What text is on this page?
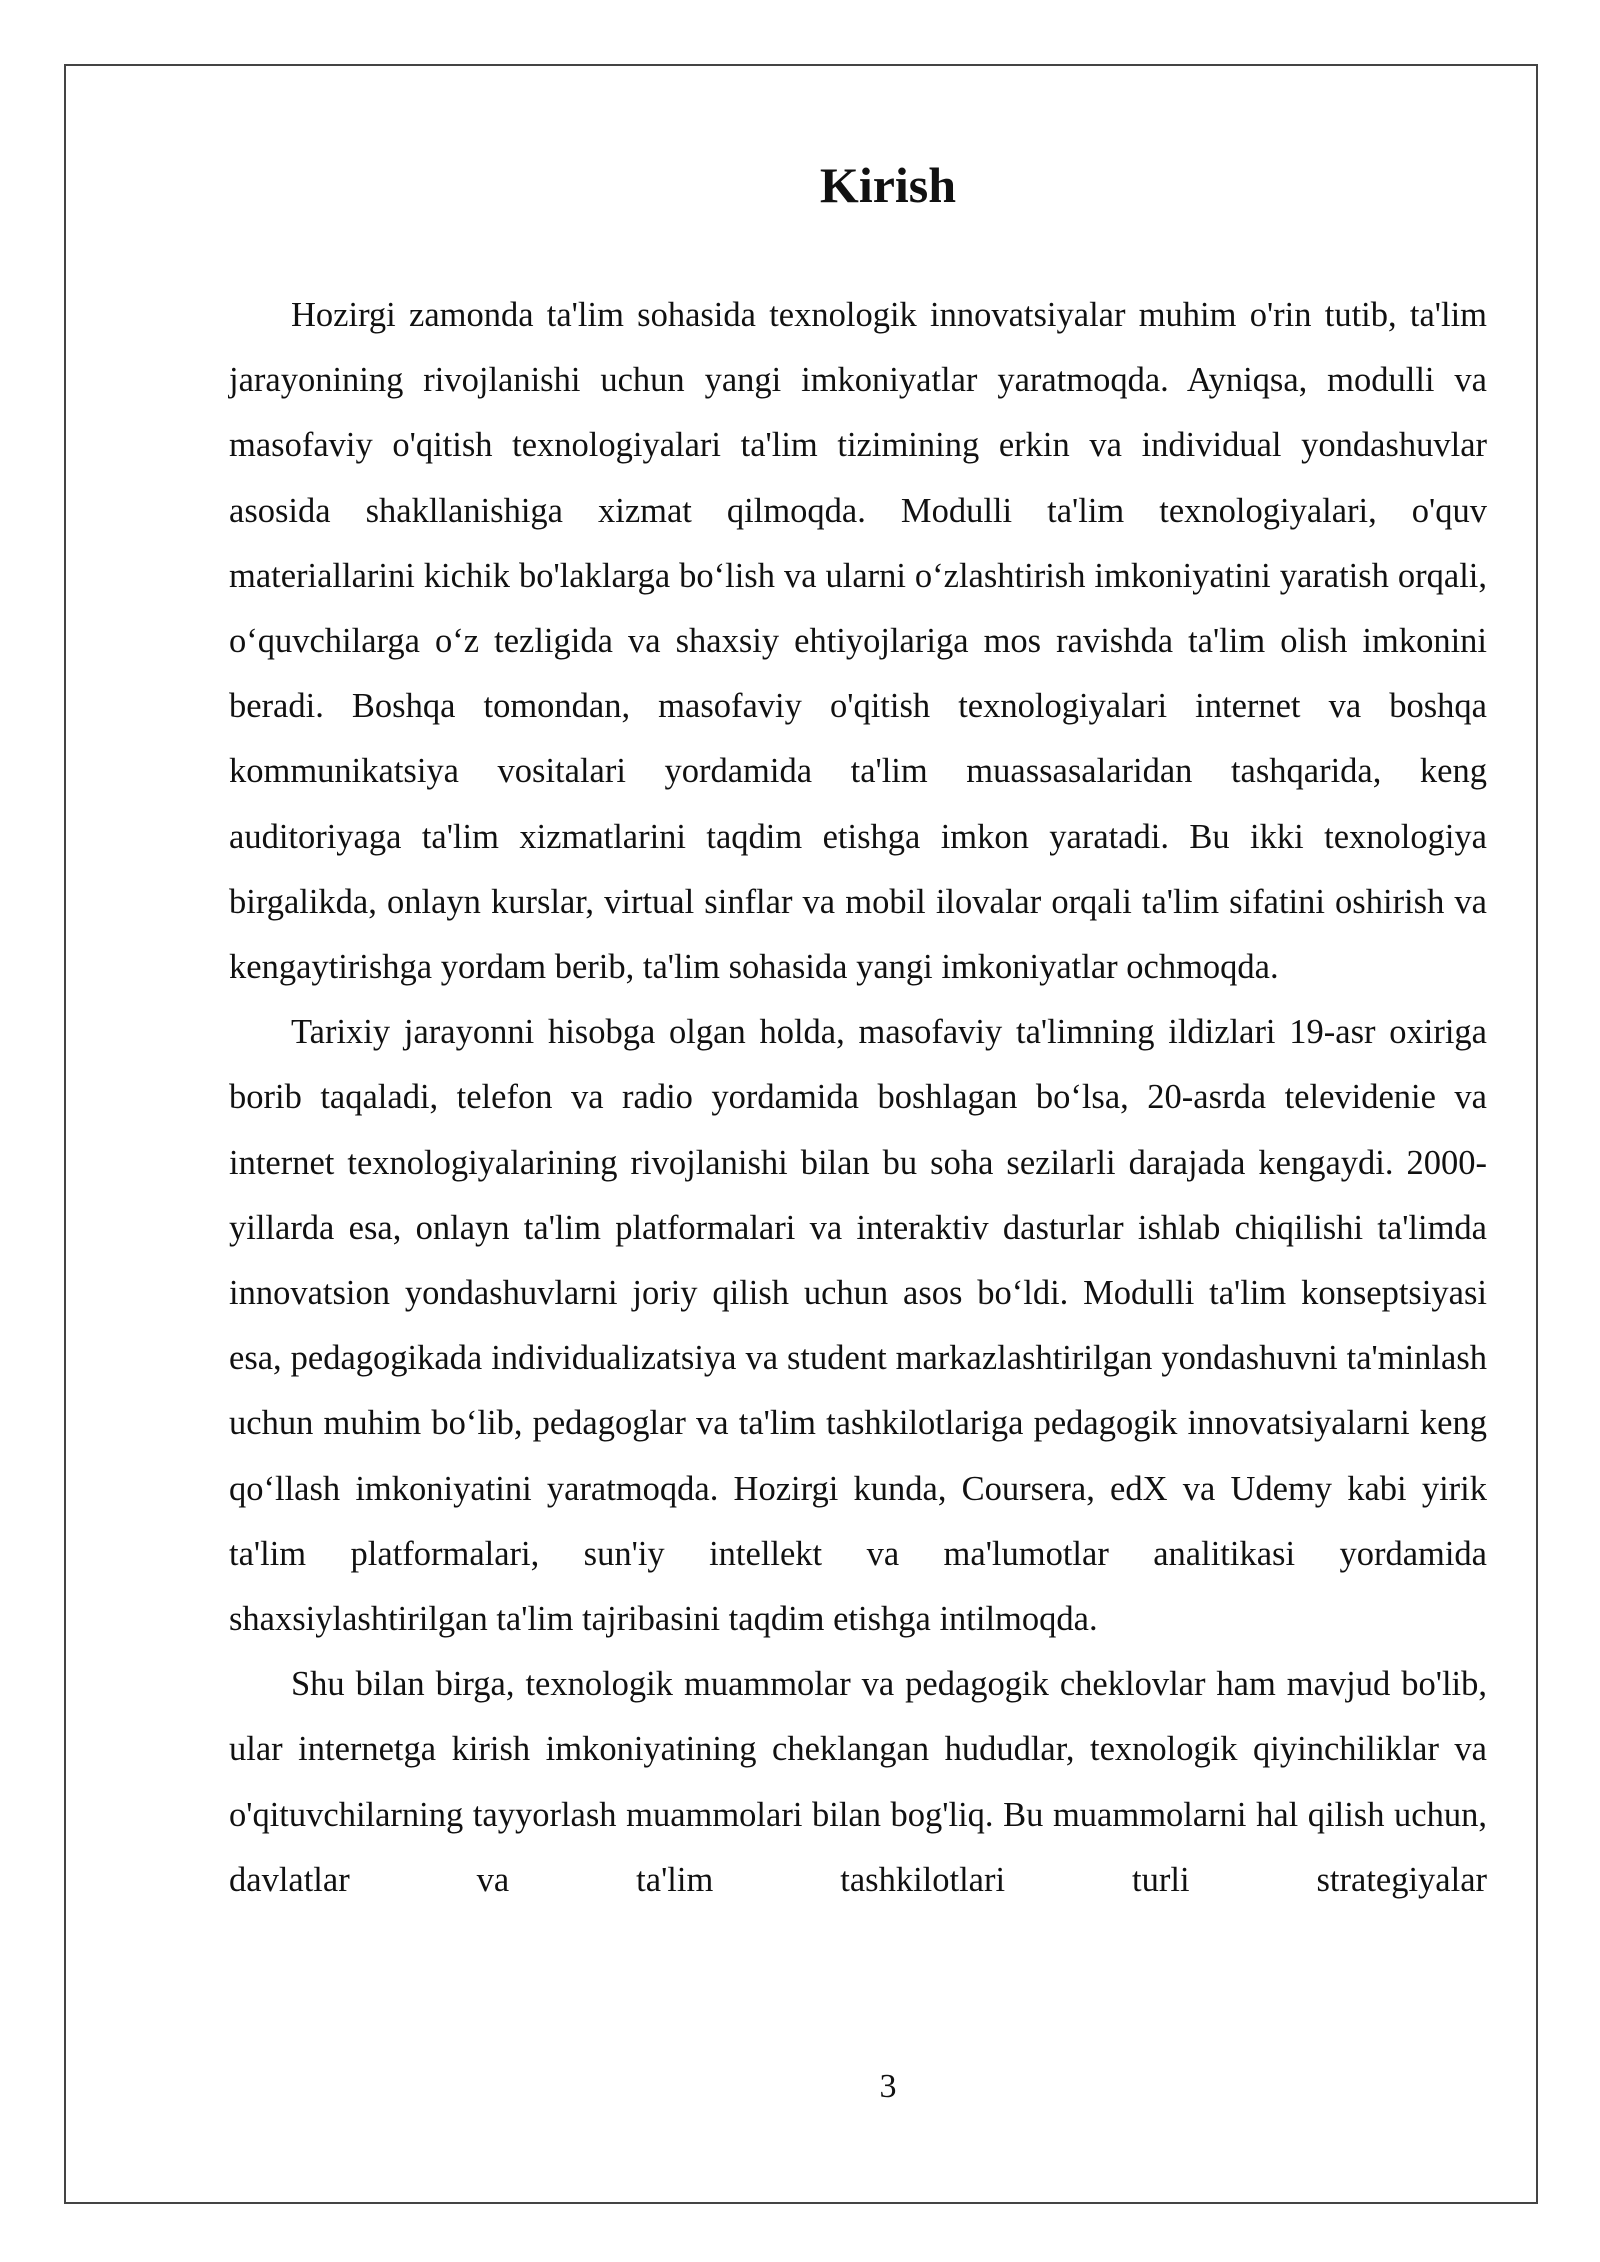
Kirish

Hozirgi zamonda ta'lim sohasida texnologik innovatsiyalar muhim o'rin tutib, ta'lim jarayonining rivojlanishi uchun yangi imkoniyatlar yaratmoqda. Ayniqsa, modulli va masofaviy o'qitish texnologiyalari ta'lim tizimining erkin va individual yondashuvlar asosida shakllanishiga xizmat qilmoqda. Modulli ta'lim texnologiyalari, o'quv materiallarini kichik bo'laklarga bo‘lish va ularni o‘zlashtirish imkoniyatini yaratish orqali, o‘quvchilarga o‘z tezligida va shaxsiy ehtiyojlariga mos ravishda ta'lim olish imkonini beradi. Boshqa tomondan, masofaviy o'qitish texnologiyalari internet va boshqa kommunikatsiya vositalari yordamida ta'lim muassasalaridan tashqarida, keng auditoriyaga ta'lim xizmatlarini taqdim etishga imkon yaratadi. Bu ikki texnologiya birgalikda, onlayn kurslar, virtual sinflar va mobil ilovalar orqali ta'lim sifatini oshirish va kengaytirishga yordam berib, ta'lim sohasida yangi imkoniyatlar ochmoqda.

Tarixiy jarayonni hisobga olgan holda, masofaviy ta'limning ildizlari 19-asr oxiriga borib taqaladi, telefon va radio yordamida boshlagan bo‘lsa, 20-asrda televidenie va internet texnologiyalarining rivojlanishi bilan bu soha sezilarli darajada kengaydi. 2000-yillarda esa, onlayn ta'lim platformalari va interaktiv dasturlar ishlab chiqilishi ta'limda innovatsion yondashuvlarni joriy qilish uchun asos bo‘ldi. Modulli ta'lim konseptsiyasi esa, pedagogikada individualizatsiya va student markazlashtirilgan yondashuvni ta'minlash uchun muhim bo‘lib, pedagoglar va ta'lim tashkilotlariga pedagogik innovatsiyalarni keng qo‘llash imkoniyatini yaratmoqda. Hozirgi kunda, Coursera, edX va Udemy kabi yirik ta'lim platformalari, sun'iy intellekt va ma'lumotlar analitikasi yordamida shaxsiylashtirilgan ta'lim tajribasini taqdim etishga intilmoqda.

Shu bilan birga, texnologik muammolar va pedagogik cheklovlar ham mavjud bo'lib, ular internetga kirish imkoniyatining cheklangan hududlar, texnologik qiyinchiliklar va o'qituvchilarning tayyorlash muammolari bilan bog'liq. Bu muammolarni hal qilish uchun, davlatlar va ta'lim tashkilotlari turli strategiyalar

3
